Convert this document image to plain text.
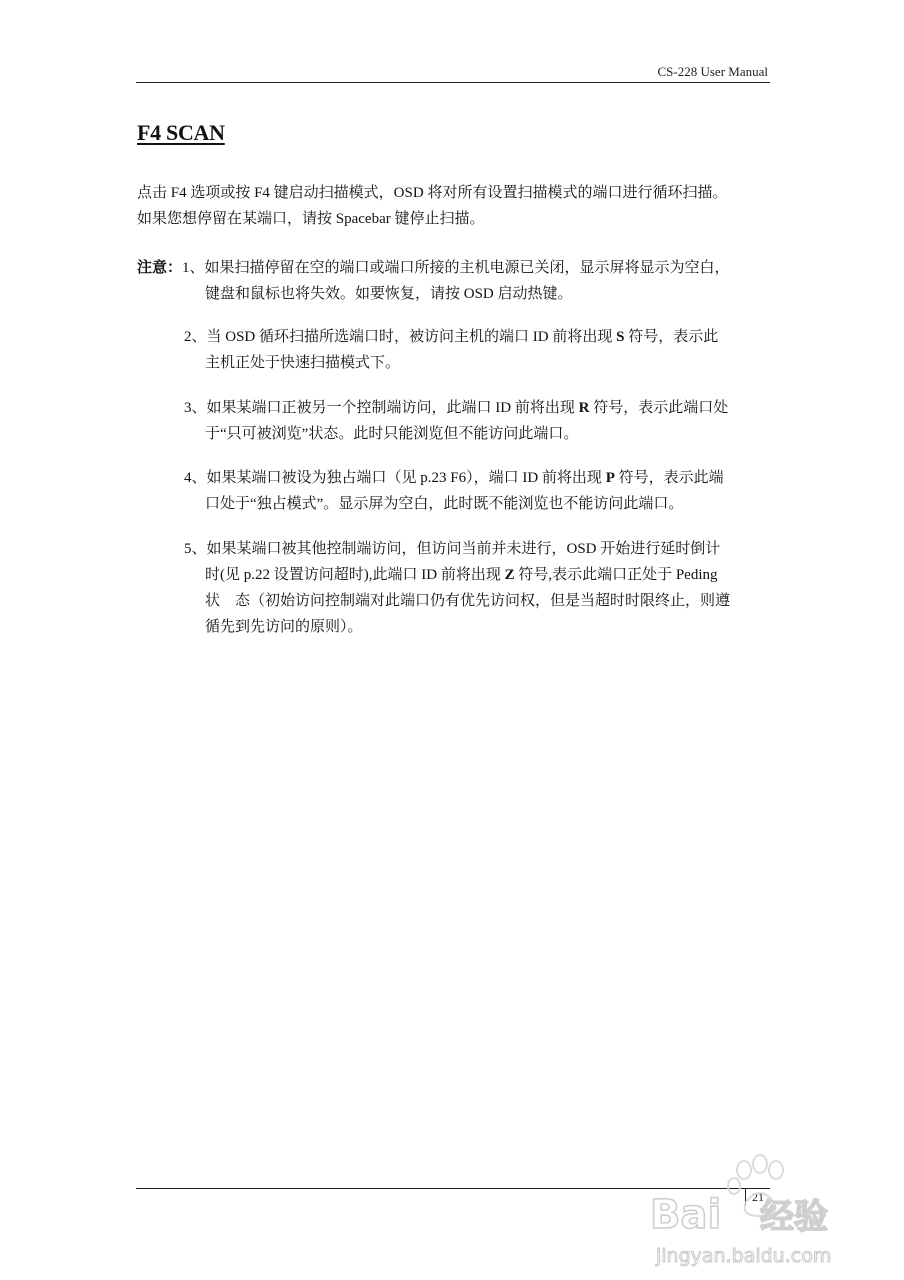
CS-228 User Manual
F4 SCAN

点击 F4 选项或按 F4 键启动扫描模式，OSD 将对所有设置扫描模式的端口进行循环扫描。

如果您想停留在某端口，请按 Spacebar 键停止扫描。

注意：1、如果扫描停留在空的端口或端口所接的主机电源已关闭，显示屏将显示为空白，
键盘和鼠标也将失效。如要恢复，请按 OSD 启动热键。
2、当 OSD 循环扫描所选端口时，被访问主机的端口 ID 前将出现 S 符号，表示此
主机正处于快速扫描模式下。
3、如果某端口正被另一个控制端访问，此端口 ID 前将出现 R 符号，表示此端口处
于“只可被浏览”状态。此时只能浏览但不能访问此端口。
4、如果某端口被设为独占端口（见 p.23 F6），端口 ID 前将出现 P 符号，表示此端
口处于“独占模式”。显示屏为空白，此时既不能浏览也不能访问此端口。
5、如果某端口被其他控制端访问，但访问当前并未进行，OSD 开始进行延时倒计
时(见 p.22 设置访问超时),此端口 ID 前将出现 Z 符号,表示此端口正处于 Peding
状　态（初始访问控制端对此端口仍有优先访问权，但是当超时时限终止，则遵
循先到先访问的原则）。
21
Bai 经验
jingyan.baidu.com
